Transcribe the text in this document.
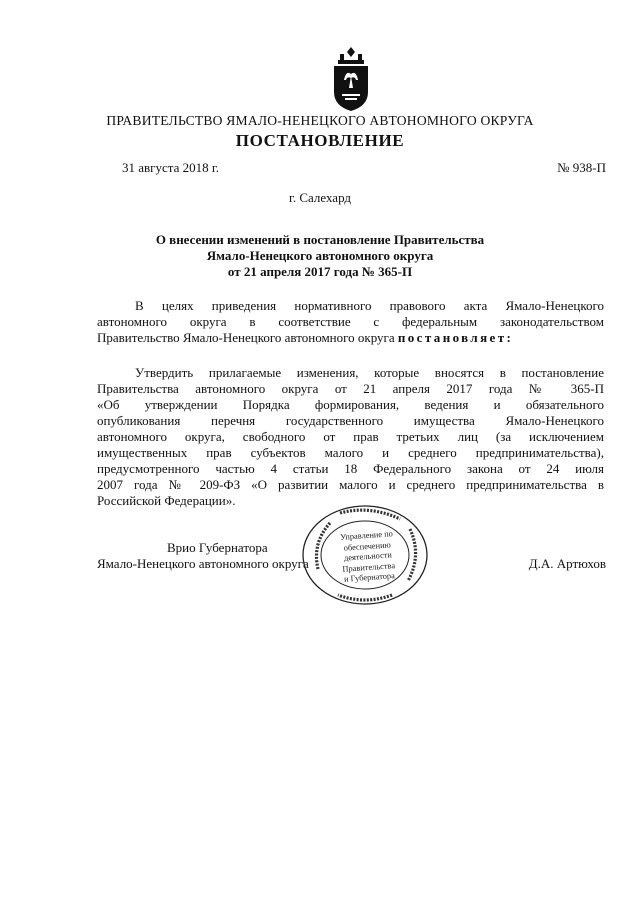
ПРАВИТЕЛЬСТВО ЯМАЛО-НЕНЕЦКОГО АВТОНОМНОГО ОКРУГА
ПОСТАНОВЛЕНИЕ
31 августа 2018 г.	№ 938-П
г. Салехард
О внесении изменений в постановление Правительства
Ямало-Ненецкого автономного округа
от 21 апреля 2017 года № 365-П
В целях приведения нормативного правового акта Ямало-Ненецкого
автономного округа в соответствие с федеральным законодательством
Правительство Ямало-Ненецкого автономного округа постановляет:
Утвердить прилагаемые изменения, которые вносятся в постановление
Правительства автономного округа от 21 апреля 2017 года № 365-П
«Об утверждении Порядка формирования, ведения и обязательного
опубликования перечня государственного имущества Ямало-Ненецкого
автономного округа, свободного от прав третьих лиц (за исключением
имущественных прав субъектов малого и среднего предпринимательства),
предусмотренного частью 4 статьи 18 Федерального закона от 24 июля
2007 года № 209-ФЗ «О развитии малого и среднего предпринимательства в
Российской Федерации».
Врио Губернатора
Ямало-Ненецкого автономного округа	Д.А. Артюхов
Управление по
обеспечению
деятельности
Правительства
и Губернатора
